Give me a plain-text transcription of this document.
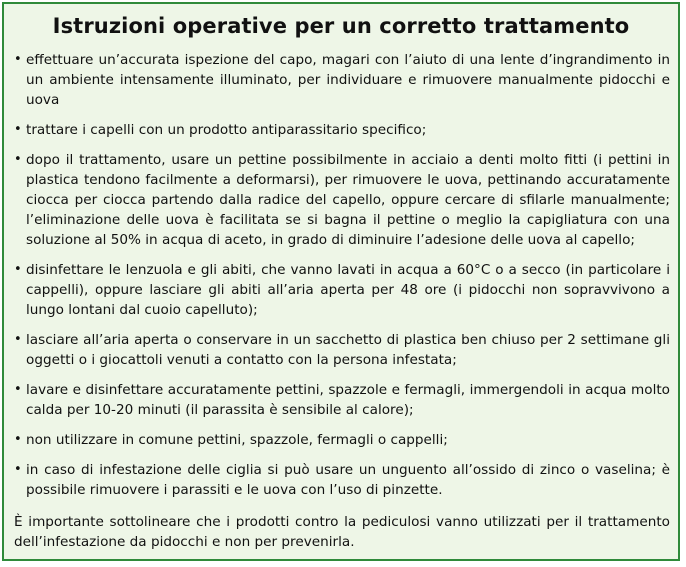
Istruzioni operative per un corretto trattamento
• effettuare un’accurata ispezione del capo, magari con l’aiuto di una lente d’ingrandimento in un ambiente intensamente illuminato, per individuare e rimuovere manualmente pidocchi e uova
• trattare i capelli con un prodotto antiparassitario specifico;
• dopo il trattamento, usare un pettine possibilmente in acciaio a denti molto fitti (i pettini in plastica tendono facilmente a deformarsi), per rimuovere le uova, pettinando accuratamente ciocca per ciocca partendo dalla radice del capello, oppure cercare di sfilarle manualmente; l’eliminazione delle uova è facilitata se si bagna il pettine o meglio la capigliatura con una soluzione al 50% in acqua di aceto, in grado di diminuire l’adesione delle uova al capello;
• disinfettare le lenzuola e gli abiti, che vanno lavati in acqua a 60°C o a secco (in particolare i cappelli), oppure lasciare gli abiti all’aria aperta per 48 ore (i pidocchi non sopravvivono a lungo lontani dal cuoio capelluto);
• lasciare all’aria aperta o conservare in un sacchetto di plastica ben chiuso per 2 settimane gli oggetti o i giocattoli venuti a contatto con la persona infestata;
• lavare e disinfettare accuratamente pettini, spazzole e fermagli, immergendoli in acqua molto calda per 10-20 minuti (il parassita è sensibile al calore);
• non utilizzare in comune pettini, spazzole, fermagli o cappelli;
• in caso di infestazione delle ciglia si può usare un unguento all’ossido di zinco o vaselina; è possibile rimuovere i parassiti e le uova con l’uso di pinzette.
È importante sottolineare che i prodotti contro la pediculosi vanno utilizzati per il trattamento dell’infestazione da pidocchi e non per prevenirla.
